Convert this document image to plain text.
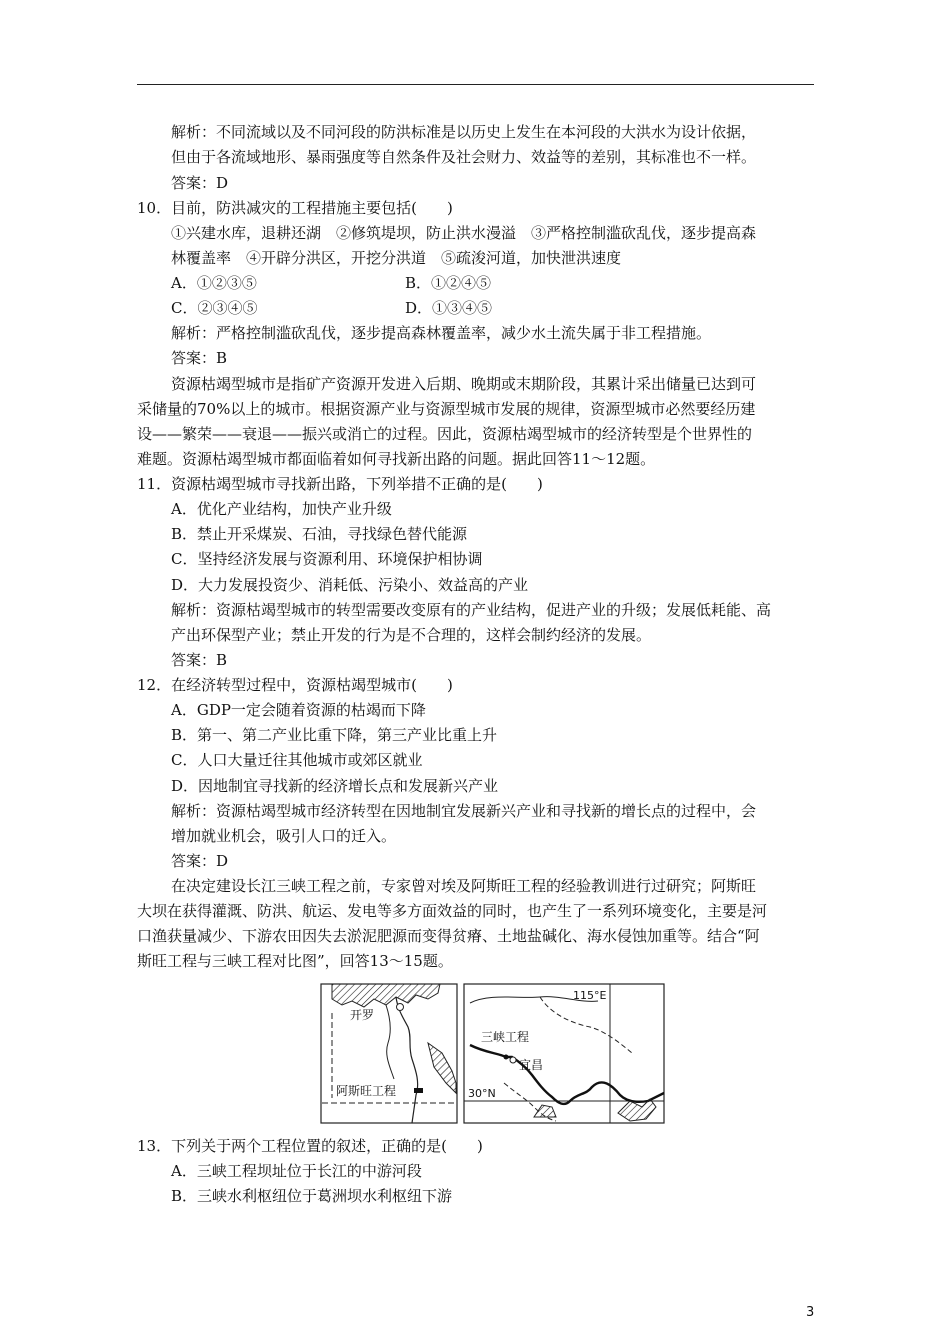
解析：不同流域以及不同河段的防洪标准是以历史上发生在本河段的大洪水为设计依据，
但由于各流域地形、暴雨强度等自然条件及社会财力、效益等的差别，其标准也不一样。
答案：D
10．目前，防洪减灾的工程措施主要包括(　　)
①兴建水库，退耕还湖　②修筑堤坝，防止洪水漫溢　③严格控制滥砍乱伐，逐步提高森
林覆盖率　④开辟分洪区，开挖分洪道　⑤疏浚河道，加快泄洪速度
A．①②③⑤	B．①②④⑤
C．②③④⑤	D．①③④⑤
解析：严格控制滥砍乱伐，逐步提高森林覆盖率，减少水土流失属于非工程措施。
答案：B
资源枯竭型城市是指矿产资源开发进入后期、晚期或末期阶段，其累计采出储量已达到可
采储量的70%以上的城市。根据资源产业与资源型城市发展的规律，资源型城市必然要经历建
设——繁荣——衰退——振兴或消亡的过程。因此，资源枯竭型城市的经济转型是个世界性的
难题。资源枯竭型城市都面临着如何寻找新出路的问题。据此回答11～12题。
11．资源枯竭型城市寻找新出路，下列举措不正确的是(　　)
A．优化产业结构，加快产业升级
B．禁止开采煤炭、石油，寻找绿色替代能源
C．坚持经济发展与资源利用、环境保护相协调
D．大力发展投资少、消耗低、污染小、效益高的产业
解析：资源枯竭型城市的转型需要改变原有的产业结构，促进产业的升级；发展低耗能、高
产出环保型产业；禁止开发的行为是不合理的，这样会制约经济的发展。
答案：B
12．在经济转型过程中，资源枯竭型城市(　　)
A．GDP一定会随着资源的枯竭而下降
B．第一、第二产业比重下降，第三产业比重上升
C．人口大量迁往其他城市或郊区就业
D．因地制宜寻找新的经济增长点和发展新兴产业
解析：资源枯竭型城市经济转型在因地制宜发展新兴产业和寻找新的增长点的过程中，会
增加就业机会，吸引人口的迁入。
答案：D
在决定建设长江三峡工程之前，专家曾对埃及阿斯旺工程的经验教训进行过研究；阿斯旺
大坝在获得灌溉、防洪、航运、发电等多方面效益的同时，也产生了一系列环境变化，主要是河
口渔获量减少、下游农田因失去淤泥肥源而变得贫瘠、土地盐碱化、海水侵蚀加重等。结合“阿
斯旺工程与三峡工程对比图”，回答13～15题。
开罗
阿斯旺工程
115°E
三峡工程
宜昌
30°N
13．下列关于两个工程位置的叙述，正确的是(　　)
A．三峡工程坝址位于长江的中游河段
B．三峡水利枢纽位于葛洲坝水利枢纽下游
3
